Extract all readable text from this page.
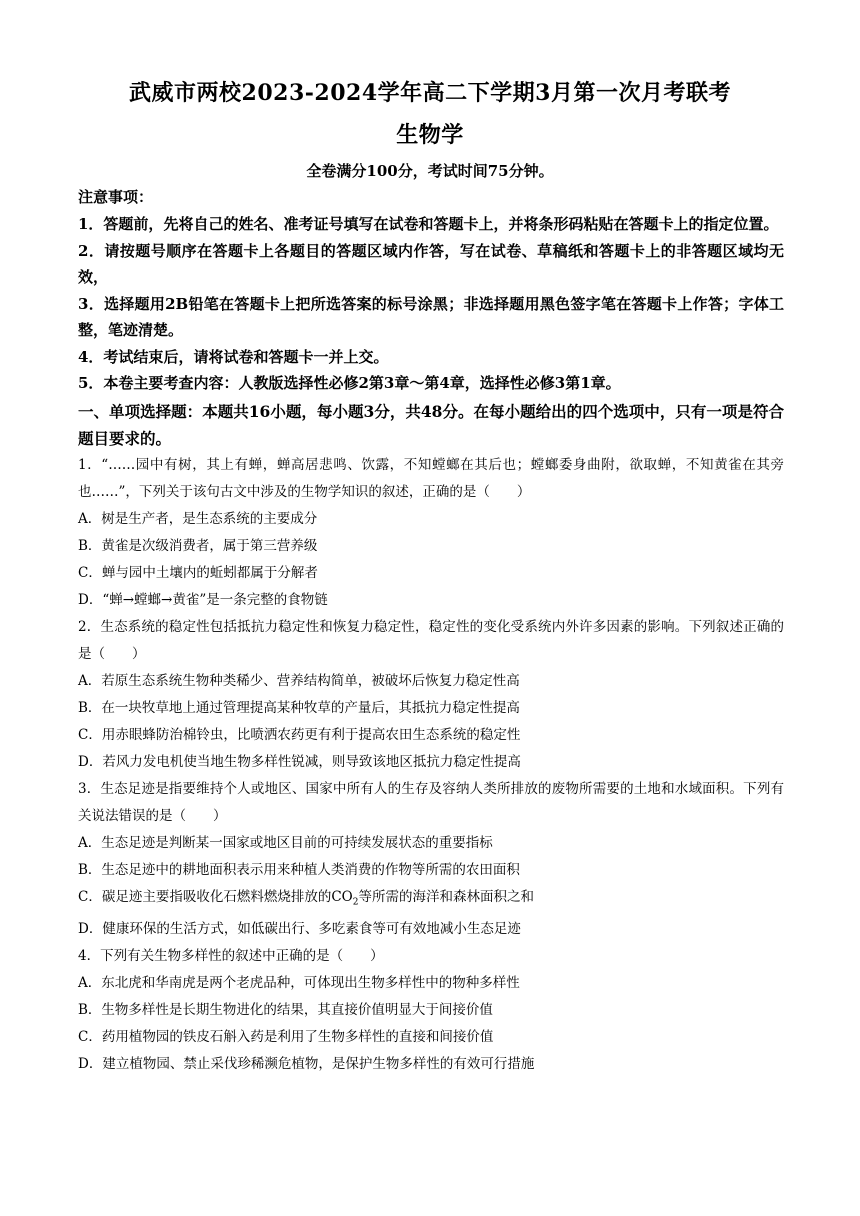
武威市两校2023-2024学年高二下学期3月第一次月考联考
生物学
全卷满分100分，考试时间75分钟。
注意事项：
1．答题前，先将自己的姓名、准考证号填写在试卷和答题卡上，并将条形码粘贴在答题卡上的指定位置。
2．请按题号顺序在答题卡上各题目的答题区域内作答，写在试卷、草稿纸和答题卡上的非答题区域均无效，
3．选择题用2B铅笔在答题卡上把所选答案的标号涂黑；非选择题用黑色签字笔在答题卡上作答；字体工整，笔迹清楚。
4．考试结束后，请将试卷和答题卡一并上交。
5．本卷主要考查内容：人教版选择性必修2第3章～第4章，选择性必修3第1章。
一、单项选择题：本题共16小题，每小题3分，共48分。在每小题给出的四个选项中，只有一项是符合题目要求的。
1．“……园中有树，其上有蝉，蝉高居悲鸣、饮露，不知螳螂在其后也；螳螂委身曲附，欲取蝉，不知黄雀在其旁也……”，下列关于该句古文中涉及的生物学知识的叙述，正确的是（　　）
A．树是生产者，是生态系统的主要成分
B．黄雀是次级消费者，属于第三营养级
C．蝉与园中土壤内的蚯蚓都属于分解者
D．“蝉→螳螂→黄雀”是一条完整的食物链
2．生态系统的稳定性包括抵抗力稳定性和恢复力稳定性，稳定性的变化受系统内外许多因素的影响。下列叙述正确的是（　　）
A．若原生态系统生物种类稀少、营养结构简单，被破坏后恢复力稳定性高
B．在一块牧草地上通过管理提高某种牧草的产量后，其抵抗力稳定性提高
C．用赤眼蜂防治棉铃虫，比喷洒农药更有利于提高农田生态系统的稳定性
D．若风力发电机使当地生物多样性锐减，则导致该地区抵抗力稳定性提高
3．生态足迹是指要维持个人或地区、国家中所有人的生存及容纳人类所排放的废物所需要的土地和水域面积。下列有关说法错误的是（　　）
A．生态足迹是判断某一国家或地区目前的可持续发展状态的重要指标
B．生态足迹中的耕地面积表示用来种植人类消费的作物等所需的农田面积
C．碳足迹主要指吸收化石燃料燃烧排放的$CO_2$等所需的海洋和森林面积之和
D．健康环保的生活方式，如低碳出行、多吃素食等可有效地减小生态足迹
4．下列有关生物多样性的叙述中正确的是（　　）
A．东北虎和华南虎是两个老虎品种，可体现出生物多样性中的物种多样性
B．生物多样性是长期生物进化的结果，其直接价值明显大于间接价值
C．药用植物园的铁皮石斛入药是利用了生物多样性的直接和间接价值
D．建立植物园、禁止采伐珍稀濒危植物，是保护生物多样性的有效可行措施
